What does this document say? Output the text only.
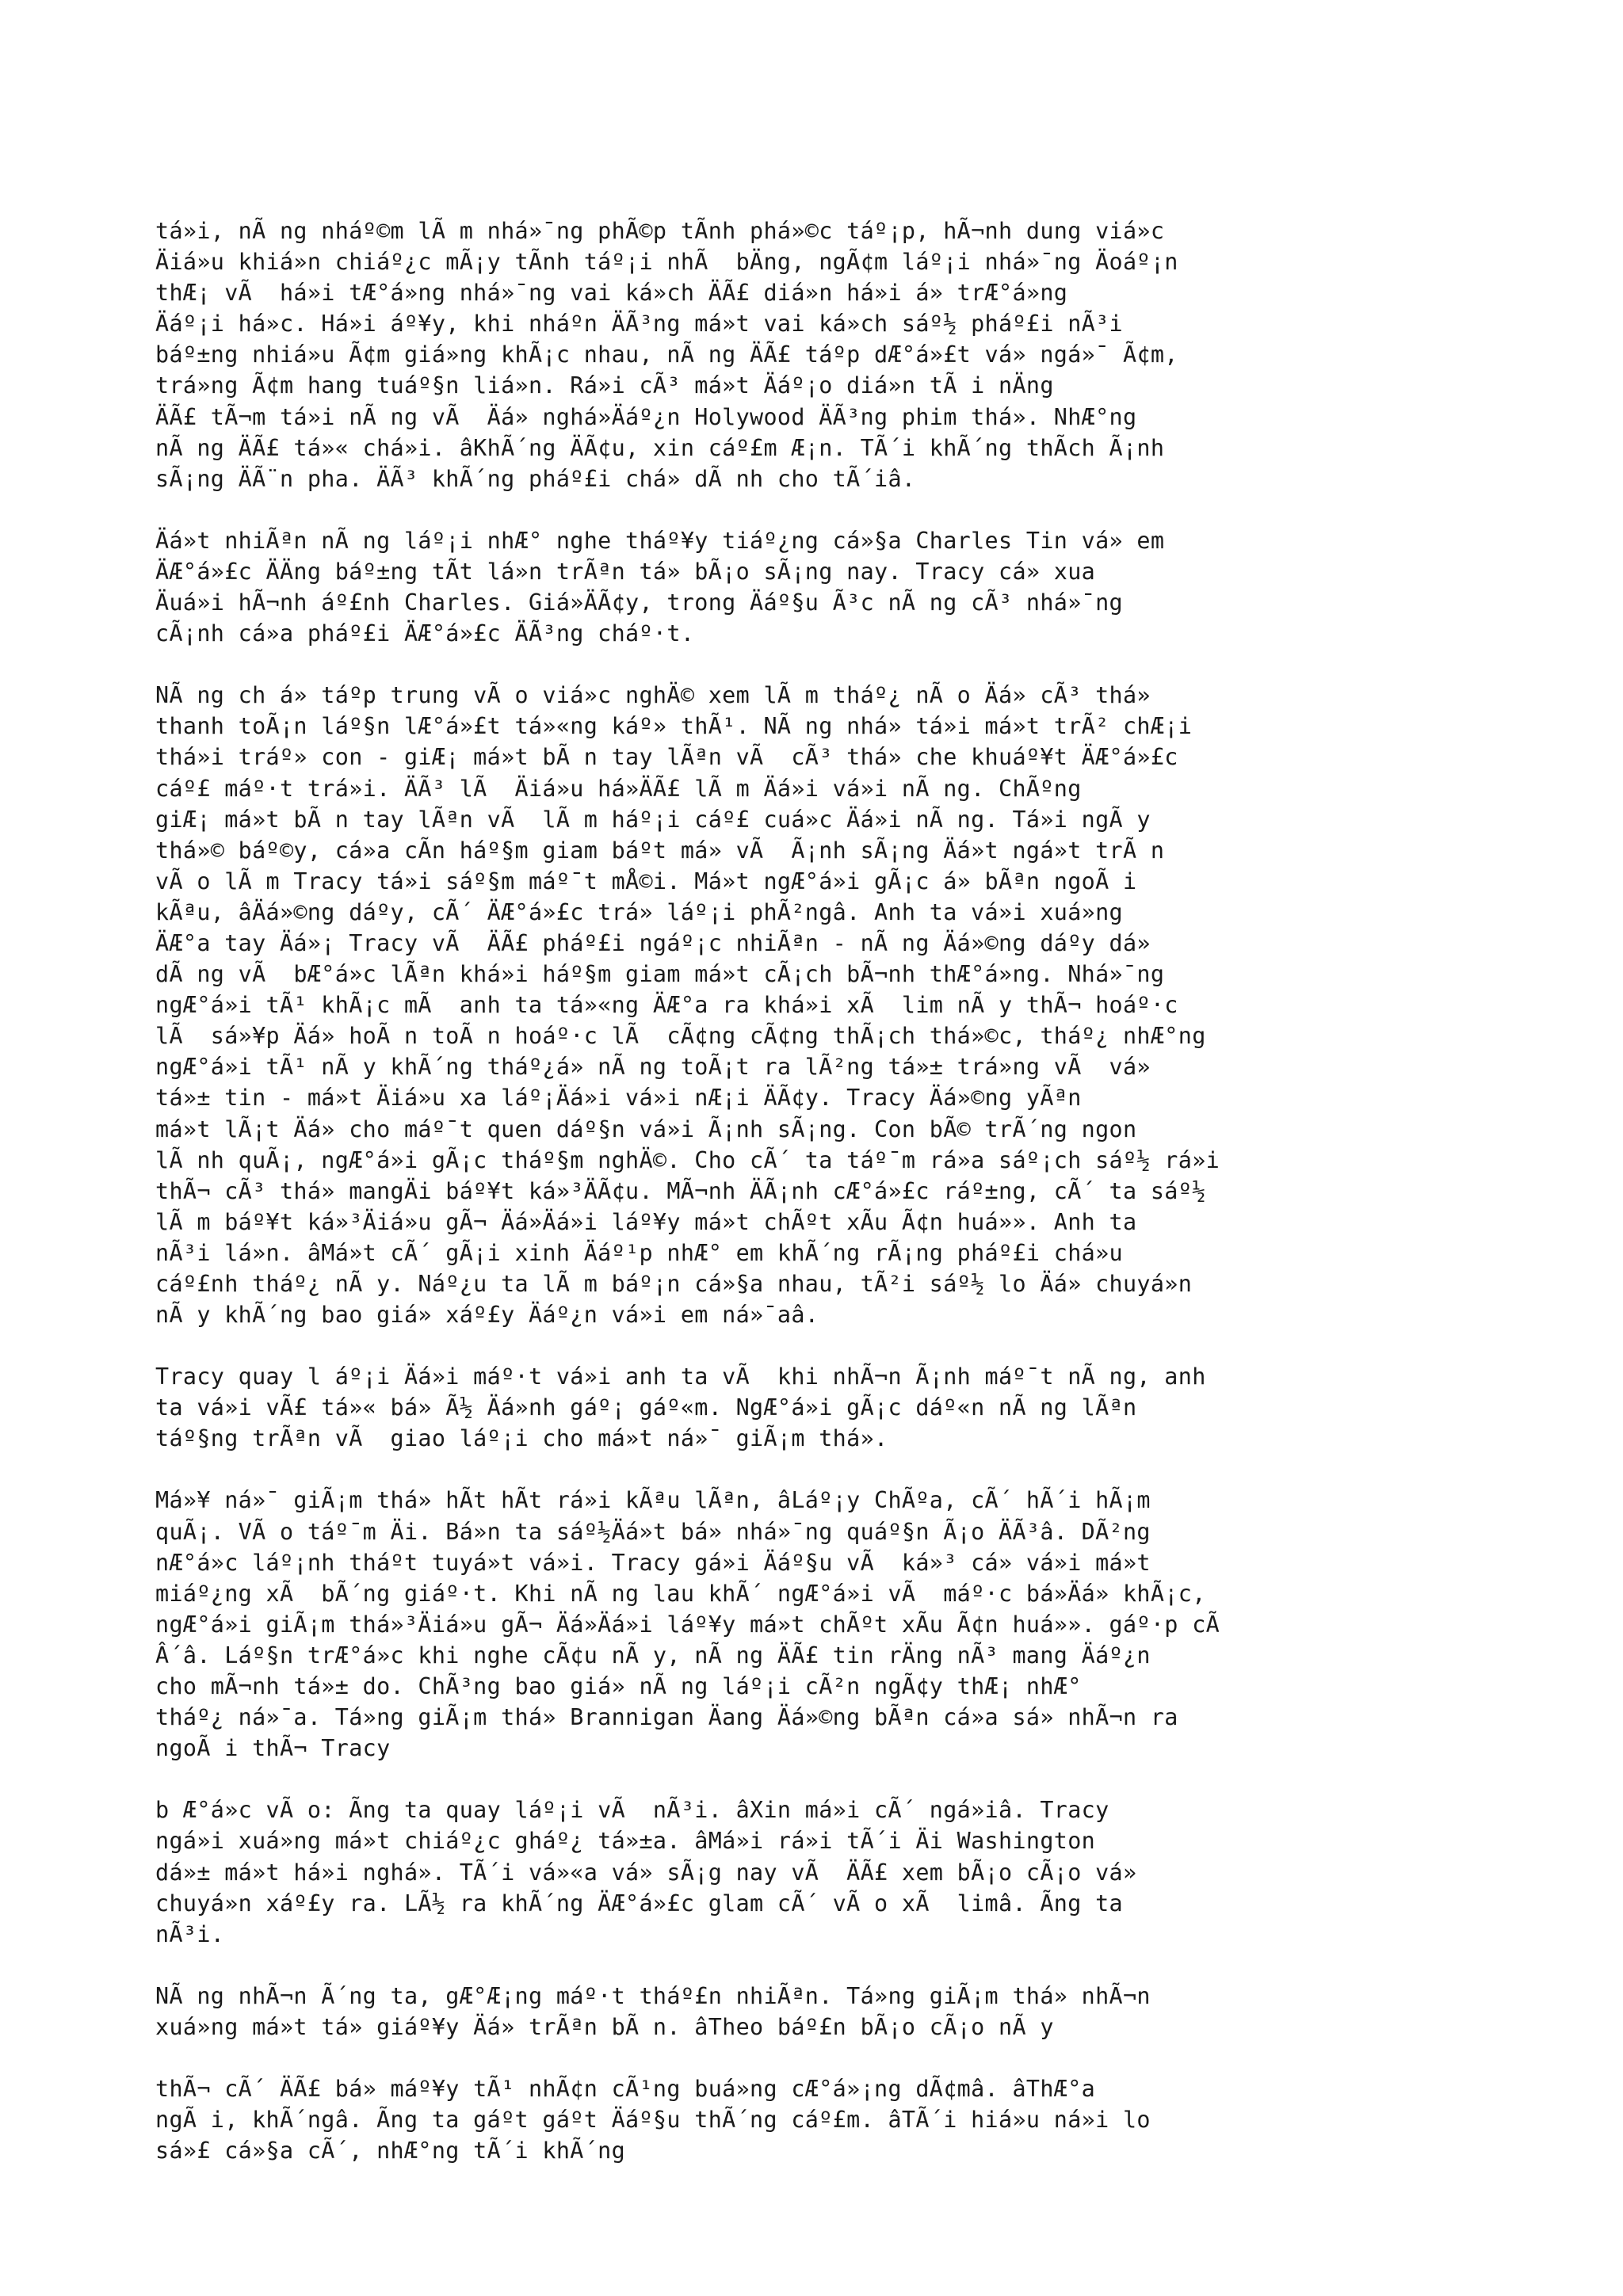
tá»i, nÃ ng nháº©m lÃ m nhá»¯ng phÃ©p tÃnh phá»©c táº¡p, hÃ¬nh dung viá»c
Äiá»u khiá»n chiáº¿c mÃ¡y tÃnh táº¡i nhÃ  bÄng, ngÃ¢m láº¡i nhá»¯ng Äoáº¡n
thÆ¡ vÃ  há»i tÆ°á»ng nhá»¯ng vai ká»ch ÄÃ£ diá»n há»i á» trÆ°á»ng
Äáº¡i há»c. Há»i áº¥y, khi nháºn ÄÃ³ng má»t vai ká»ch sáº½ pháº£i nÃ³i
báº±ng nhiá»u Ã¢m giá»ng khÃ¡c nhau, nÃ ng ÄÃ£ táºp dÆ°á»£t vá» ngá»¯ Ã¢m,
trá»ng Ã¢m hang tuáº§n liá»n. Rá»i cÃ³ má»t Äáº¡o diá»n tÃ i nÄng
ÄÃ£ tÃ¬m tá»i nÃ ng vÃ  Äá» nghá»Äáº¿n Holywood ÄÃ³ng phim thá». NhÆ°ng
nÃ ng ÄÃ£ tá»« chá»i. âKhÃ´ng ÄÃ¢u, xin cáº£m Æ¡n. TÃ´i khÃ´ng thÃch Ã¡nh
sÃ¡ng ÄÃ¨n pha. ÄÃ³ khÃ´ng pháº£i chá» dÃ nh cho tÃ´iâ.

Äá»t nhiÃªn nÃ ng láº¡i nhÆ° nghe tháº¥y tiáº¿ng cá»§a Charles Tin vá» em
ÄÆ°á»£c ÄÄng báº±ng tÃt lá»n trÃªn tá» bÃ¡o sÃ¡ng nay. Tracy cá» xua
Äuá»i hÃ¬nh áº£nh Charles. Giá»ÄÃ¢y, trong Äáº§u Ã³c nÃ ng cÃ³ nhá»¯ng
cÃ¡nh cá»a pháº£i ÄÆ°á»£c ÄÃ³ng cháº·t.

NÃ ng ch á» táºp trung vÃ o viá»c nghÄ© xem lÃ m tháº¿ nÃ o Äá» cÃ³ thá»
thanh toÃ¡n láº§n lÆ°á»£t tá»«ng káº» thÃ¹. NÃ ng nhá» tá»i má»t trÃ² chÆ¡i
thá»i tráº» con - giÆ¡ má»t bÃ n tay lÃªn vÃ  cÃ³ thá» che khuáº¥t ÄÆ°á»£c
cáº£ máº·t trá»i. ÄÃ³ lÃ  Äiá»u há»ÄÃ£ lÃ m Äá»i vá»i nÃ ng. ChÃºng
giÆ¡ má»t bÃ n tay lÃªn vÃ  lÃ m háº¡i cáº£ cuá»c Äá»i nÃ ng. Tá»i ngÃ y
thá»© báº©y, cá»a cÃn háº§m giam báºt má» vÃ  Ã¡nh sÃ¡ng Äá»t ngá»t trÃ n
vÃ o lÃ m Tracy tá»i sáº§m máº¯t mÅ©i. Má»t ngÆ°á»i gÃ¡c á» bÃªn ngoÃ i
kÃªu, âÄá»©ng dáºy, cÃ´ ÄÆ°á»£c trá» láº¡i phÃ²ngâ. Anh ta vá»i xuá»ng
ÄÆ°a tay Äá»¡ Tracy vÃ  ÄÃ£ pháº£i ngáº¡c nhiÃªn - nÃ ng Äá»©ng dáºy dá»
dÃ ng vÃ  bÆ°á»c lÃªn khá»i háº§m giam má»t cÃ¡ch bÃ¬nh thÆ°á»ng. Nhá»¯ng
ngÆ°á»i tÃ¹ khÃ¡c mÃ  anh ta tá»«ng ÄÆ°a ra khá»i xÃ  lim nÃ y thÃ¬ hoáº·c
lÃ  sá»¥p Äá» hoÃ n toÃ n hoáº·c lÃ  cÃ¢ng cÃ¢ng thÃ¡ch thá»©c, tháº¿ nhÆ°ng
ngÆ°á»i tÃ¹ nÃ y khÃ´ng tháº¿á» nÃ ng toÃ¡t ra lÃ²ng tá»± trá»ng vÃ  vá»
tá»± tin - má»t Äiá»u xa láº¡Äá»i vá»i nÆ¡i ÄÃ¢y. Tracy Äá»©ng yÃªn
má»t lÃ¡t Äá» cho máº¯t quen dáº§n vá»i Ã¡nh sÃ¡ng. Con bÃ© trÃ´ng ngon
lÃ nh quÃ¡, ngÆ°á»i gÃ¡c tháº§m nghÄ©. Cho cÃ´ ta táº¯m rá»a sáº¡ch sáº½ rá»i
thÃ¬ cÃ³ thá» mangÄi báº¥t ká»³ÄÃ¢u. MÃ¬nh ÄÃ¡nh cÆ°á»£c ráº±ng, cÃ´ ta sáº½
lÃ m báº¥t ká»³Äiá»u gÃ¬ Äá»Äá»i láº¥y má»t chÃºt xÃu Ã¢n huá»». Anh ta
nÃ³i lá»n. âMá»t cÃ´ gÃ¡i xinh Äáº¹p nhÆ° em khÃ´ng rÃ¡ng pháº£i chá»u
cáº£nh tháº¿ nÃ y. Náº¿u ta lÃ m báº¡n cá»§a nhau, tÃ²i sáº½ lo Äá» chuyá»n
nÃ y khÃ´ng bao giá» xáº£y Äáº¿n vá»i em ná»¯aâ.

Tracy quay l áº¡i Äá»i máº·t vá»i anh ta vÃ  khi nhÃ¬n Ã¡nh máº¯t nÃ ng, anh
ta vá»i vÃ£ tá»« bá» Ã½ Äá»nh gáº¡ gáº«m. NgÆ°á»i gÃ¡c dáº«n nÃ ng lÃªn
táº§ng trÃªn vÃ  giao láº¡i cho má»t ná»¯ giÃ¡m thá».

Má»¥ ná»¯ giÃ¡m thá» hÃt hÃt rá»i kÃªu lÃªn, âLáº¡y ChÃºa, cÃ´ hÃ´i hÃ¡m
quÃ¡. VÃ o táº¯m Äi. Bá»n ta sáº½Äá»t bá» nhá»¯ng quáº§n Ã¡o ÄÃ³â. DÃ²ng
nÆ°á»c láº¡nh tháºt tuyá»t vá»i. Tracy gá»i Äáº§u vÃ  ká»³ cá» vá»i má»t
miáº¿ng xÃ  bÃ´ng giáº·t. Khi nÃ ng lau khÃ´ ngÆ°á»i vÃ  máº·c bá»Äá» khÃ¡c,
ngÆ°á»i giÃ¡m thá»³Äiá»u gÃ¬ Äá»Äá»i láº¥y má»t chÃºt xÃu Ã¢n huá»». gáº·p cÃ
Â´â. Láº§n trÆ°á»c khi nghe cÃ¢u nÃ y, nÃ ng ÄÃ£ tin rÄng nÃ³ mang Äáº¿n
cho mÃ¬nh tá»± do. ChÃ³ng bao giá» nÃ ng láº¡i cÃ²n ngÃ¢y thÆ¡ nhÆ°
tháº¿ ná»¯a. Tá»ng giÃ¡m thá» Brannigan Äang Äá»©ng bÃªn cá»a sá» nhÃ¬n ra
ngoÃ i thÃ¬ Tracy

b Æ°á»c vÃ o: Ãng ta quay láº¡i vÃ  nÃ³i. âXin má»i cÃ´ ngá»iâ. Tracy
ngá»i xuá»ng má»t chiáº¿c gháº¿ tá»±a. âMá»i rá»i tÃ´i Äi Washington
dá»± má»t há»i nghá». TÃ´i vá»«a vá» sÃ¡g nay vÃ  ÄÃ£ xem bÃ¡o cÃ¡o vá»
chuyá»n xáº£y ra. LÃ½ ra khÃ´ng ÄÆ°á»£c glam cÃ´ vÃ o xÃ  limâ. Ãng ta
nÃ³i.

NÃ ng nhÃ¬n Ã´ng ta, gÆ°Æ¡ng máº·t tháº£n nhiÃªn. Tá»ng giÃ¡m thá» nhÃ¬n
xuá»ng má»t tá» giáº¥y Äá» trÃªn bÃ n. âTheo báº£n bÃ¡o cÃ¡o nÃ y

thÃ¬ cÃ´ ÄÃ£ bá» máº¥y tÃ¹ nhÃ¢n cÃ¹ng buá»ng cÆ°á»¡ng dÃ¢mâ. âThÆ°a
ngÃ i, khÃ´ngâ. Ãng ta gáºt gáºt Äáº§u thÃ´ng cáº£m. âTÃ´i hiá»u ná»i lo
sá»£ cá»§a cÃ´, nhÆ°ng tÃ´i khÃ´ng
